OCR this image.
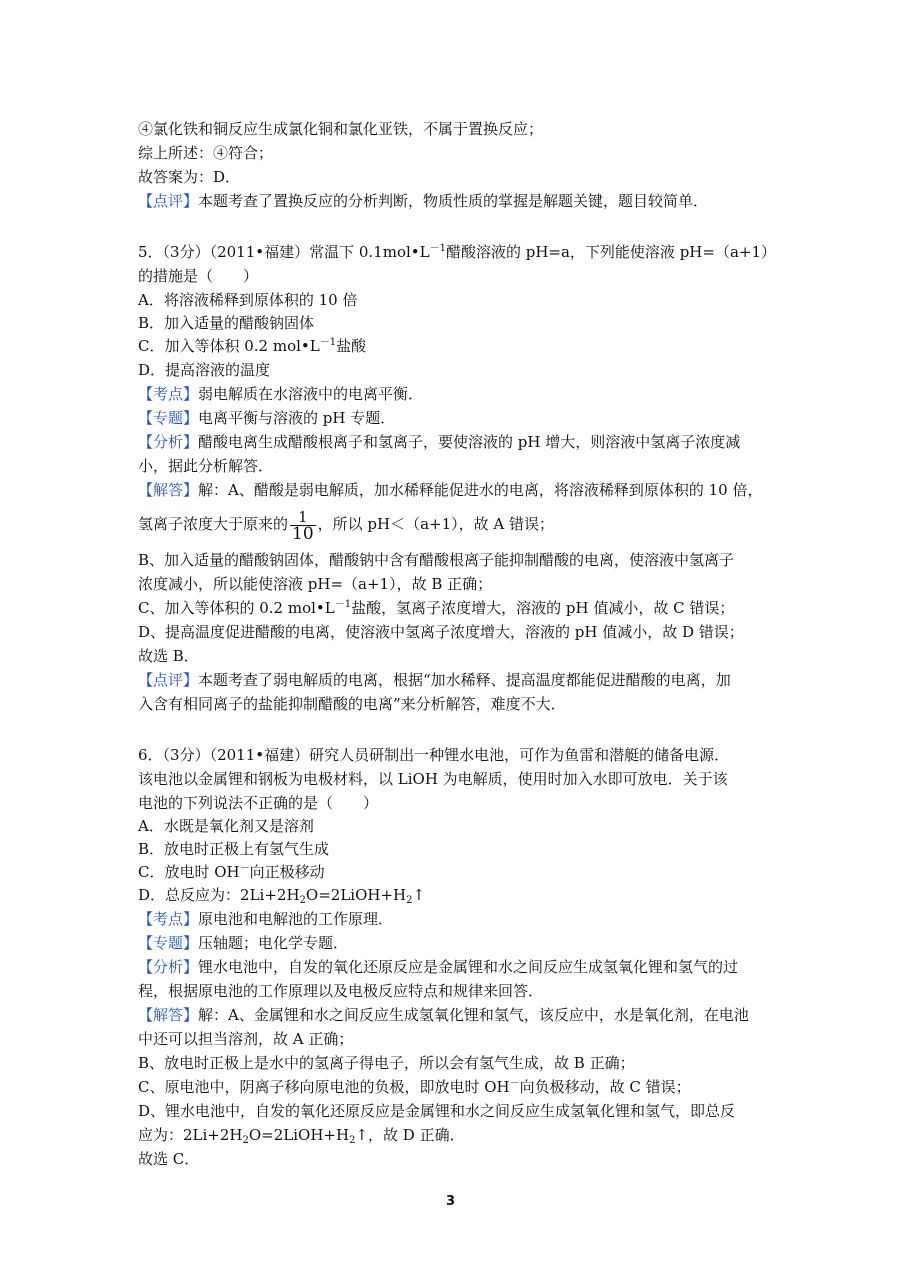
④氯化铁和铜反应生成氯化铜和氯化亚铁，不属于置换反应；
综上所述：④符合；
故答案为：D．
【点评】本题考查了置换反应的分析判断，物质性质的掌握是解题关键，题目较简单．
5．（3分）（2011•福建）常温下 $0.1mol•L^{-1}$醋酸溶液的 pH=a，下列能使溶液 pH=（a+1）
的措施是（　　）
A．将溶液稀释到原体积的 10 倍
B．加入适量的醋酸钠固体
C．加入等体积 0.2 $mol•L^{-1}$盐酸
D．提高溶液的温度
【考点】弱电解质在水溶液中的电离平衡．
【专题】电离平衡与溶液的 pH 专题．
【分析】醋酸电离生成醋酸根离子和氢离子，要使溶液的 pH 增大，则溶液中氢离子浓度减
小，据此分析解答．
【解答】解：A、醋酸是弱电解质，加水稀释能促进水的电离，将溶液稀释到原体积的 10 倍，
氢离子浓度大于原来的 $\frac{1}{10}$ ，所以 pH＜（a+1），故 A 错误；
B、加入适量的醋酸钠固体，醋酸钠中含有醋酸根离子能抑制醋酸的电离，使溶液中氢离子
浓度减小，所以能使溶液 pH=（a+1），故 B 正确；
C、加入等体积的 0.2 $mol•L^{-1}$盐酸，氢离子浓度增大，溶液的 pH 值减小，故 C 错误；
D、提高温度促进醋酸的电离，使溶液中氢离子浓度增大，溶液的 pH 值减小，故 D 错误；
故选 B．
【点评】本题考查了弱电解质的电离，根据“加水稀释、提高温度都能促进醋酸的电离，加
入含有相同离子的盐能抑制醋酸的电离”来分析解答，难度不大．
6．（3分）（2011•福建）研究人员研制出一种锂水电池，可作为鱼雷和潜艇的储备电源．
该电池以金属锂和钢板为电极材料，以 LiOH 为电解质，使用时加入水即可放电．关于该
电池的下列说法不正确的是（　　）
A．水既是氧化剂又是溶剂
B．放电时正极上有氢气生成
C．放电时 OH－向正极移动
D．总反应为：$2Li+2H_2O=2LiOH+H_2↑$
【考点】原电池和电解池的工作原理．
【专题】压轴题；电化学专题．
【分析】锂水电池中，自发的氧化还原反应是金属锂和水之间反应生成氢氧化锂和氢气的过
程，根据原电池的工作原理以及电极反应特点和规律来回答．
【解答】解：A、金属锂和水之间反应生成氢氧化锂和氢气，该反应中，水是氧化剂，在电池
中还可以担当溶剂，故 A 正确；
B、放电时正极上是水中的氢离子得电子，所以会有氢气生成，故 B 正确；
C、原电池中，阴离子移向原电池的负极，即放电时 OH－向负极移动，故 C 错误；
D、锂水电池中，自发的氧化还原反应是金属锂和水之间反应生成氢氧化锂和氢气，即总反
应为：$2Li+2H_2O=2LiOH+H_2↑$，故 D 正确．
故选 C．
3
